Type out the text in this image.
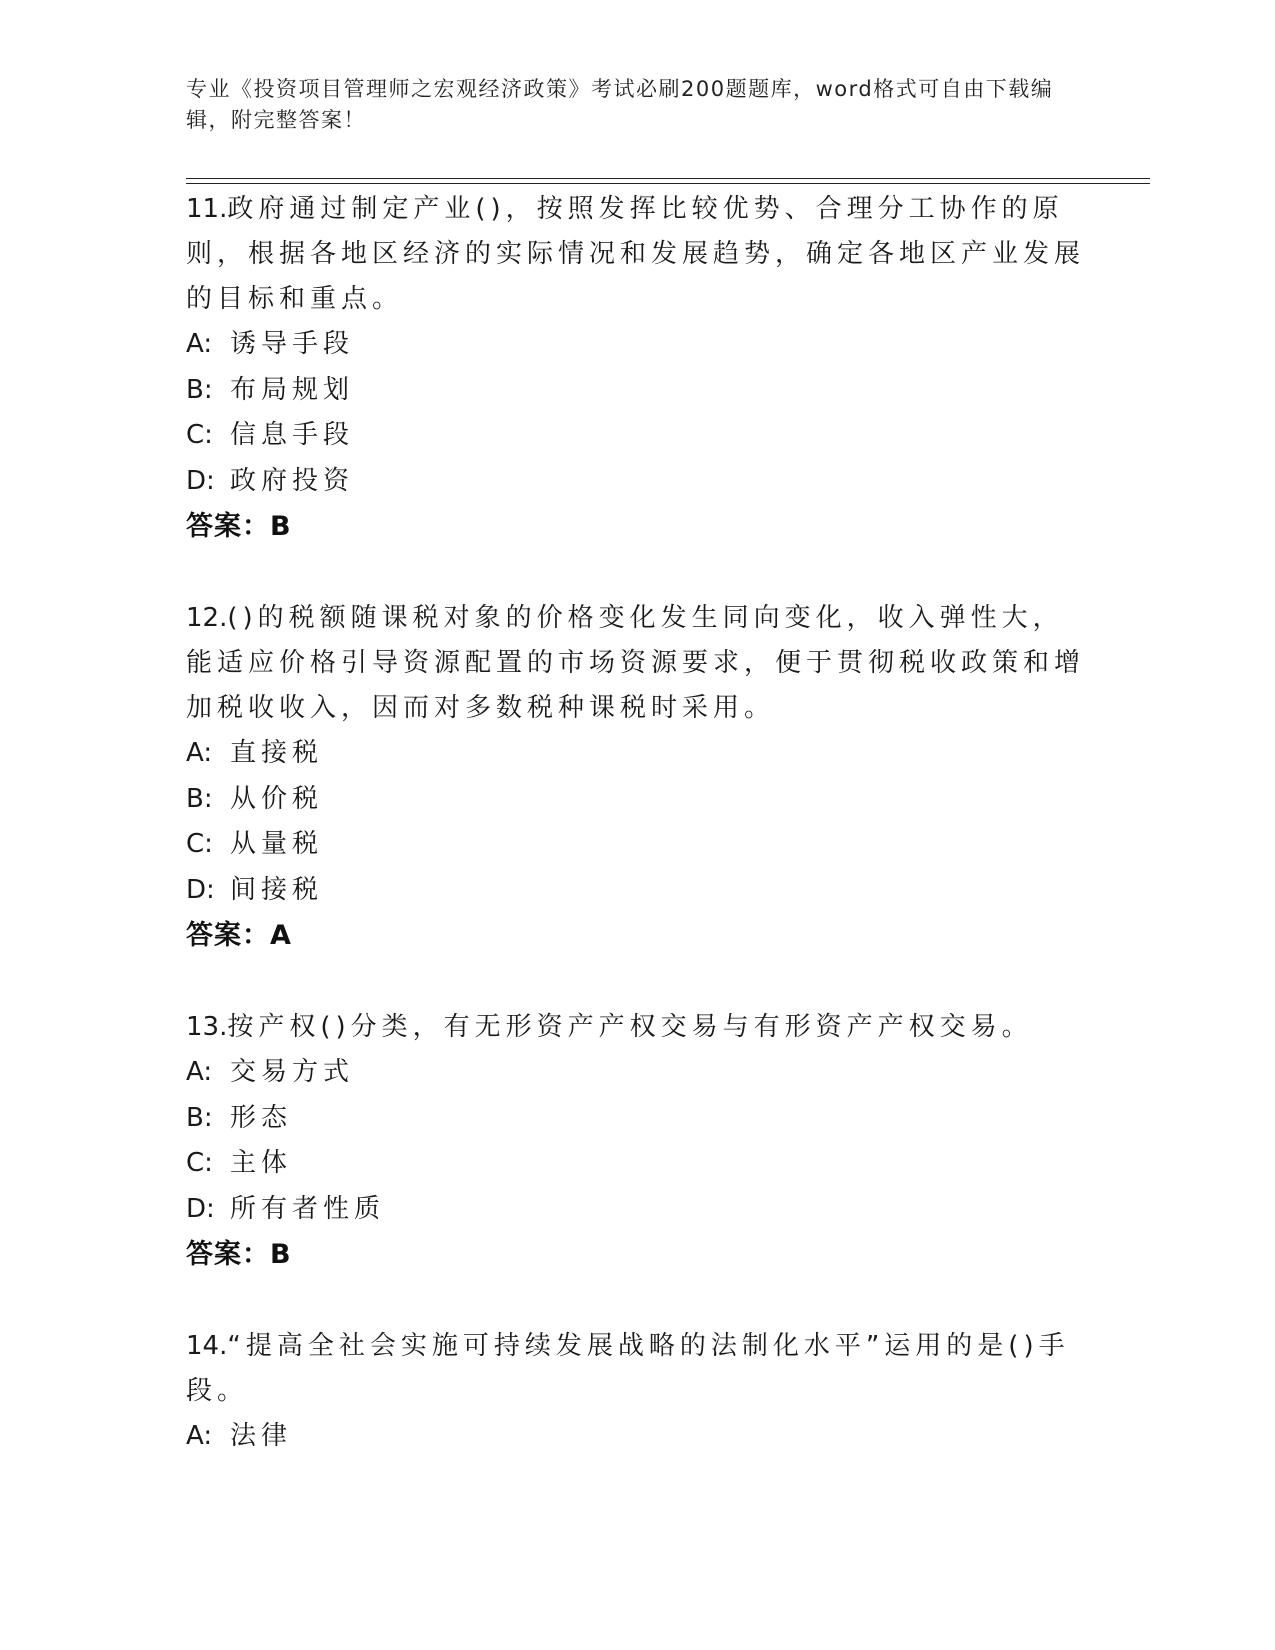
专业《投资项目管理师之宏观经济政策》考试必刷200题题库，word格式可自由下载编辑，附完整答案！
11.政府通过制定产业()，按照发挥比较优势、合理分工协作的原则，根据各地区经济的实际情况和发展趋势，确定各地区产业发展的目标和重点。
A: 诱导手段
B: 布局规划
C: 信息手段
D: 政府投资
答案：B
12.()的税额随课税对象的价格变化发生同向变化，收入弹性大，能适应价格引导资源配置的市场资源要求，便于贯彻税收政策和增加税收收入，因而对多数税种课税时采用。
A: 直接税
B: 从价税
C: 从量税
D: 间接税
答案：A
13.按产权()分类，有无形资产产权交易与有形资产产权交易。
A: 交易方式
B: 形态
C: 主体
D: 所有者性质
答案：B
14.“提高全社会实施可持续发展战略的法制化水平”运用的是()手段。
A: 法律
